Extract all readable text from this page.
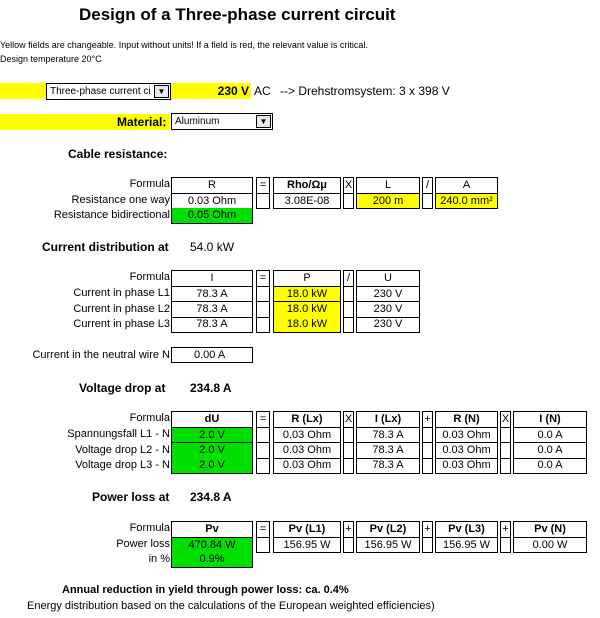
Design of a Three-phase current circuit
Yellow fields are changeable. Input without units! If a field is red, the relevant value is critical.
Design temperature 20°C
Three-phase current ci ▼	230 V AC --> Drehstromsystem: 3 x 398 V
Material: Aluminum	▼
Cable resistance:
Formula	R	=	Rho/Ωμ	X	L	/	A
Resistance one way	0.03 Ohm	3.08E-08	200 m	240.0 mm²
Resistance bidirectional	0.05 Ohm
Current distribution at 54.0 kW
Formula	I	=	P	/	U
Current in phase L1	78.3 A	18.0 kW	230 V
Current in phase L2	78.3 A	18.0 kW	230 V
Current in phase L3	78.3 A	18.0 kW	230 V
Current in the neutral wire N	0.00 A
Voltage drop at 234.8 A
Formula	dU	=	R (Lx)	X	I (Lx)	+	R (N)	X	I (N)
Spannungsfall L1 - N	2.0 V	0.03 Ohm	78.3 A	0.03 Ohm	0.0 A
Voltage drop L2 - N	2.0 V	0.03 Ohm	78.3 A	0.03 Ohm	0.0 A
Voltage drop L3 - N	2.0 V	0.03 Ohm	78.3 A	0.03 Ohm	0.0 A
Power loss at 234.8 A
Formula	Pv	=	Pv (L1)	+	Pv (L2)	+	Pv (L3)	+	Pv (N)
Power loss	470.84 W	156.95 W	156.95 W	156.95 W	0.00 W
in %	0.9%
Annual reduction in yield through power loss: ca. 0.4%
Energy distribution based on the calculations of the European weighted efficiencies)
